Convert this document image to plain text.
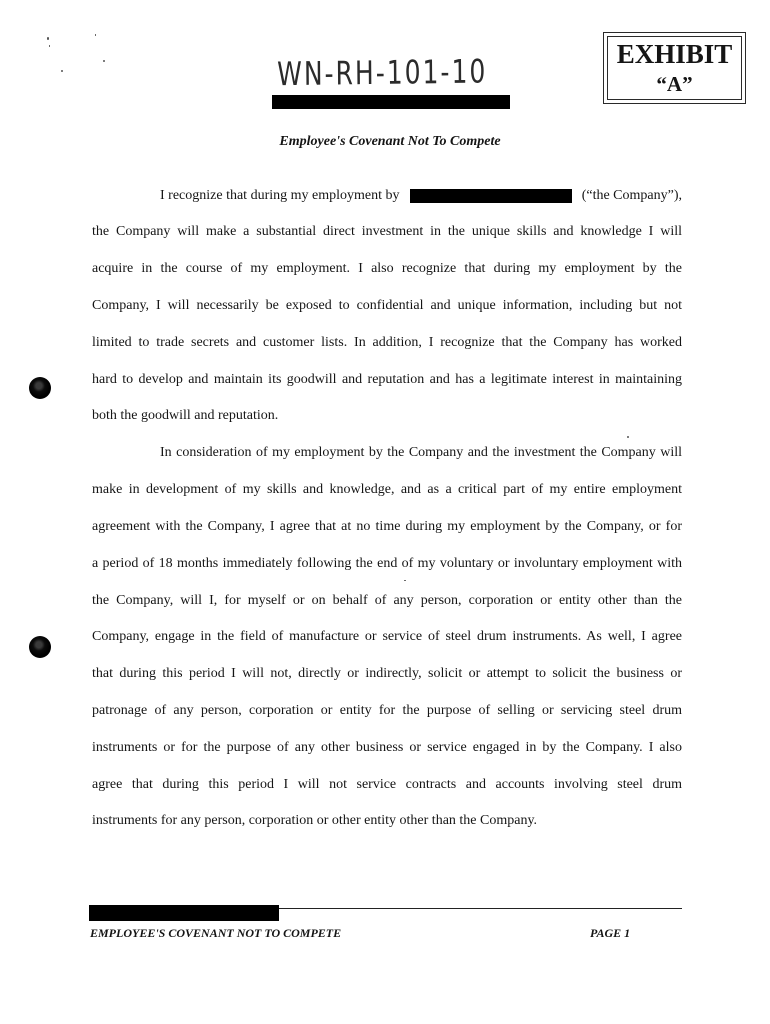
WN-RH-101-10	EXHIBIT
“A”
Employee's Covenant Not To Compete
I recognize that during my employment by	(“the Company”),
the Company will make a substantial direct investment in the unique skills and knowledge I will
acquire in the course of my employment. I also recognize that during my employment by the
Company, I will necessarily be exposed to confidential and unique information, including but not
limited to trade secrets and customer lists. In addition, I recognize that the Company has worked
hard to develop and maintain its goodwill and reputation and has a legitimate interest in maintaining
both the goodwill and reputation.
In consideration of my employment by the Company and the investment the Company will
make in development of my skills and knowledge, and as a critical part of my entire employment
agreement with the Company, I agree that at no time during my employment by the Company, or for
a period of 18 months immediately following the end of my voluntary or involuntary employment with
the Company, will I, for myself or on behalf of any person, corporation or entity other than the
Company, engage in the field of manufacture or service of steel drum instruments. As well, I agree
that during this period I will not, directly or indirectly, solicit or attempt to solicit the business or
patronage of any person, corporation or entity for the purpose of selling or servicing steel drum
instruments or for the purpose of any other business or service engaged in by the Company. I also
agree that during this period I will not service contracts and accounts involving steel drum
instruments for any person, corporation or other entity other than the Company.
EMPLOYEE'S COVENANT NOT TO COMPETE	PAGE 1
